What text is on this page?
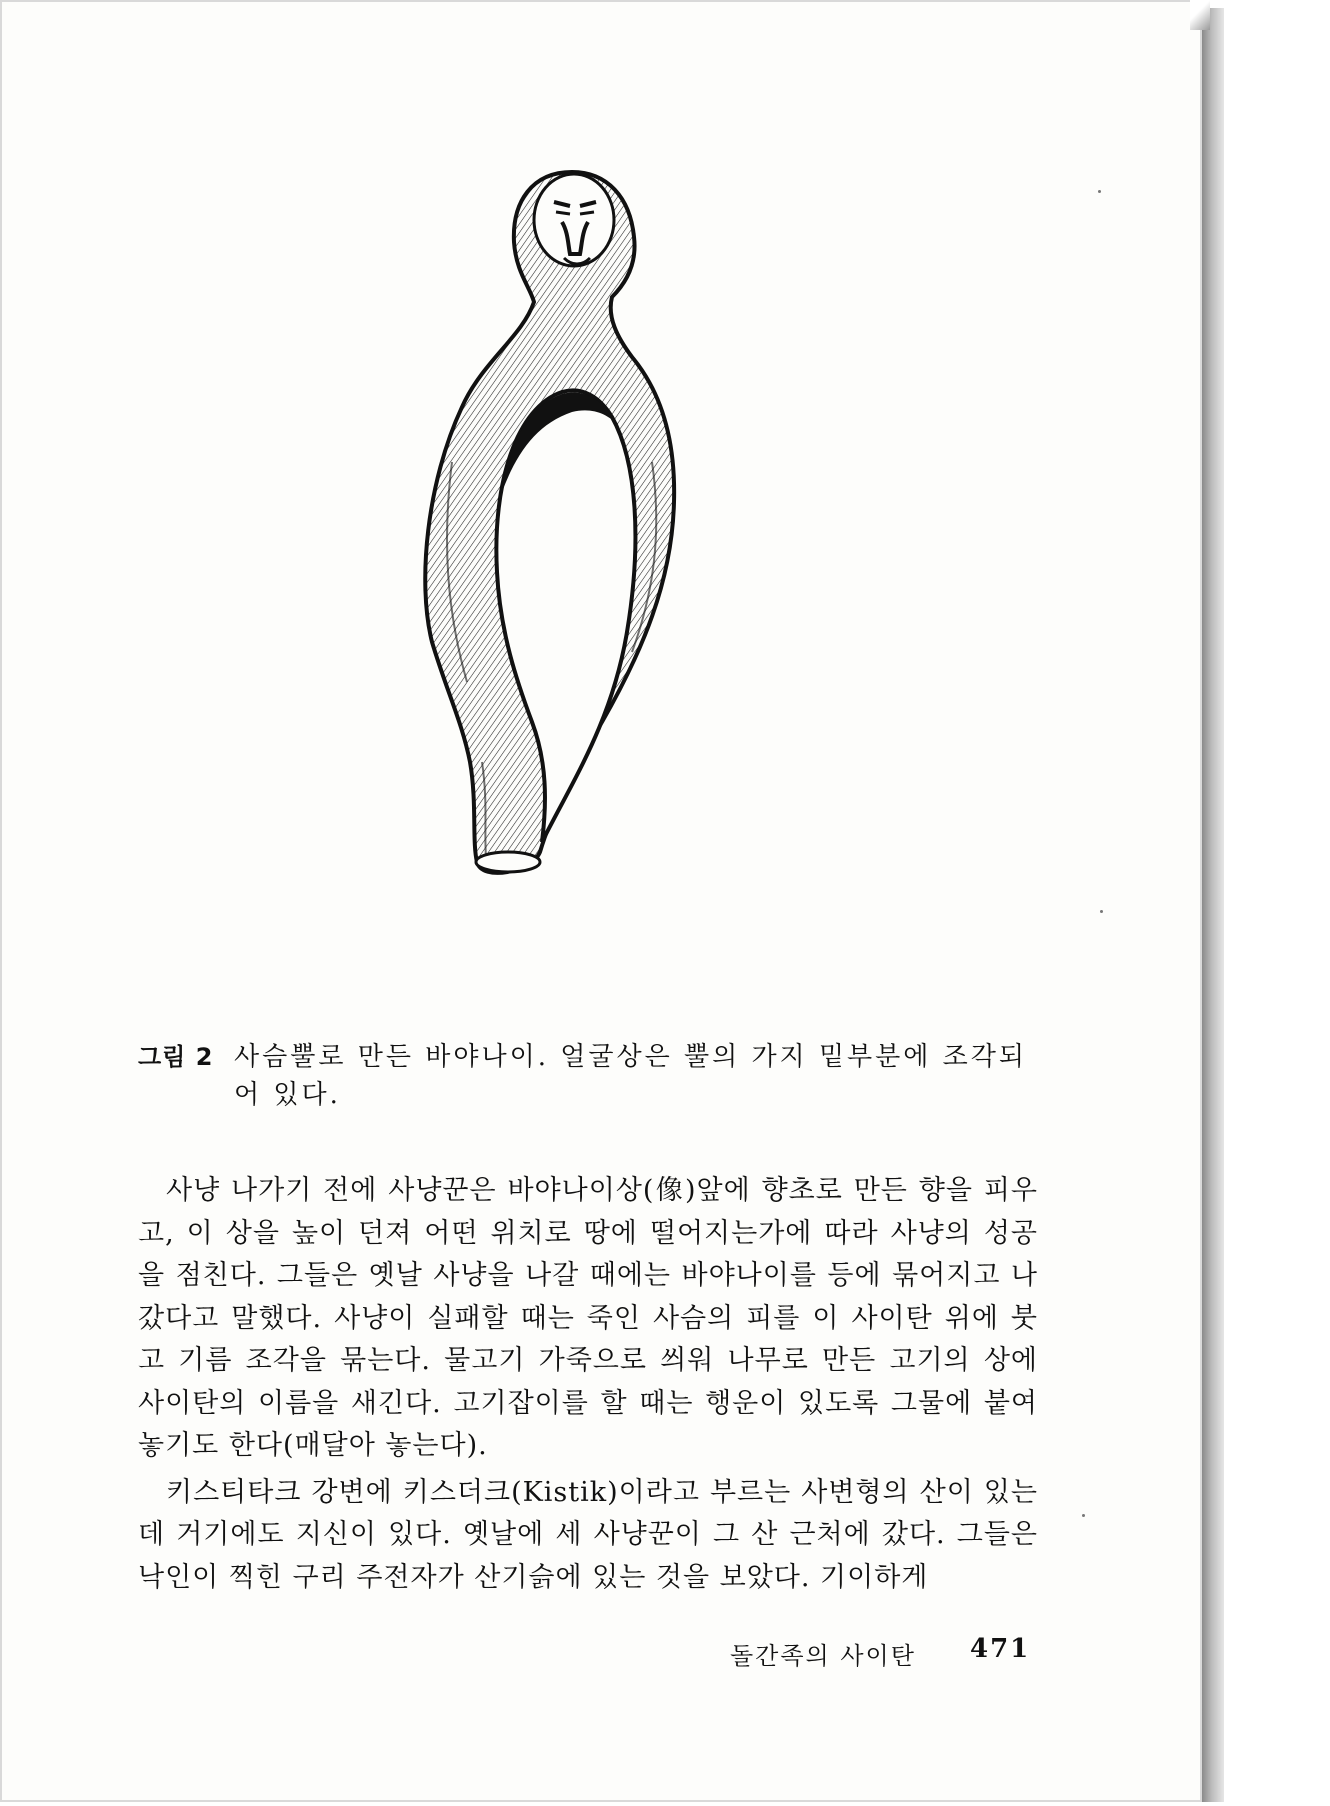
그림 2 사슴뿔로 만든 바야나이. 얼굴상은 뿔의 가지 밑부분에 조각되어 있다.

사냥 나가기 전에 사냥꾼은 바야나이상(像)앞에 향초로 만든 향을 피우고, 이 상을 높이 던져 어떤 위치로 땅에 떨어지는가에 따라 사냥의 성공을 점친다. 그들은 옛날 사냥을 나갈 때에는 바야나이를 등에 묶어지고 나갔다고 말했다. 사냥이 실패할 때는 죽인 사슴의 피를 이 사이탄 위에 붓고 기름 조각을 묶는다. 물고기 가죽으로 씌워 나무로 만든 고기의 상에 사이탄의 이름을 새긴다. 고기잡이를 할 때는 행운이 있도록 그물에 붙여 놓기도 한다(매달아 놓는다).

키스티타크 강변에 키스더크(Kistik)이라고 부르는 사변형의 산이 있는데 거기에도 지신이 있다. 옛날에 세 사냥꾼이 그 산 근처에 갔다. 그들은 낙인이 찍힌 구리 주전자가 산기슭에 있는 것을 보았다. 기이하게

돌간족의 사이탄 471
